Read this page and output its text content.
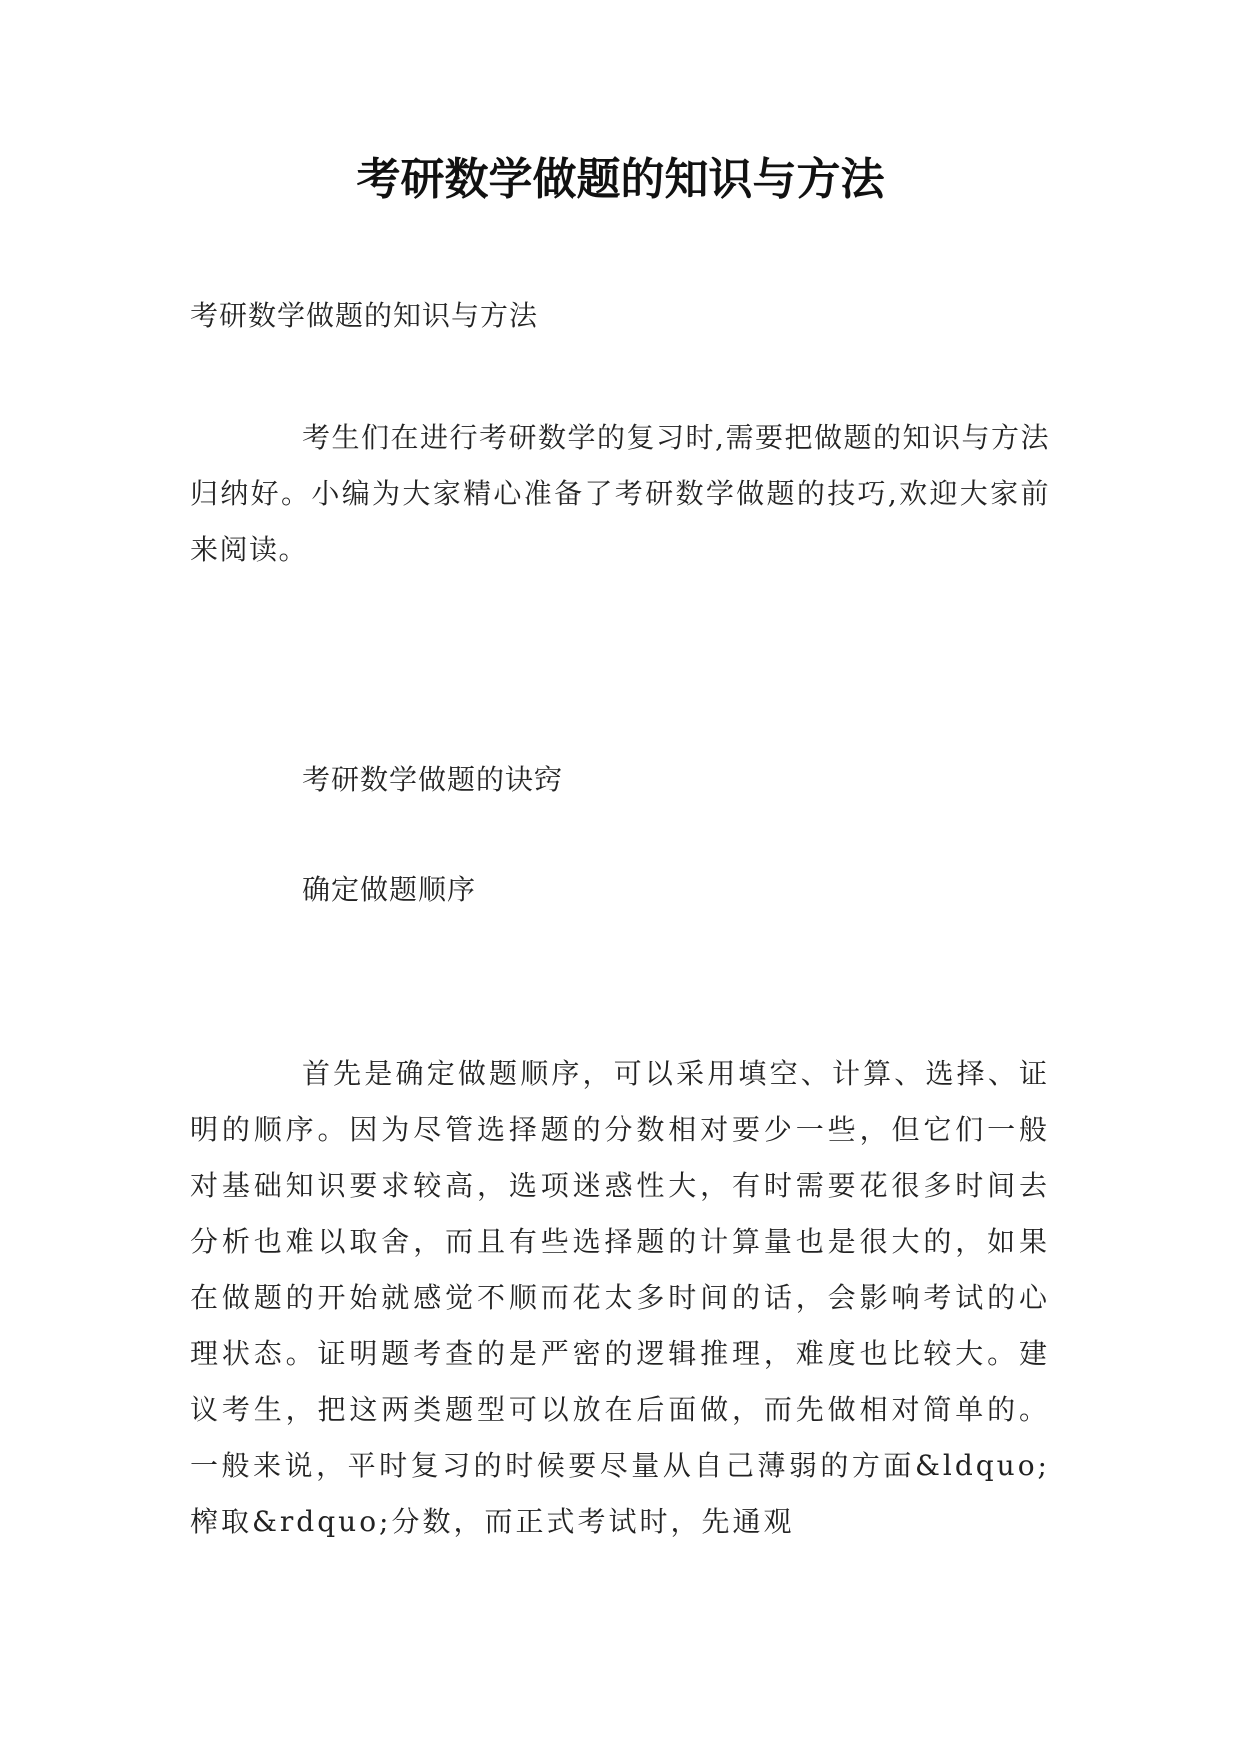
考研数学做题的知识与方法

考研数学做题的知识与方法

考生们在进行考研数学的复习时,需要把做题的知识与方法归纳好。小编为大家精心准备了考研数学做题的技巧,欢迎大家前来阅读。

考研数学做题的诀窍

确定做题顺序

首先是确定做题顺序，可以采用填空、计算、选择、证明的顺序。因为尽管选择题的分数相对要少一些，但它们一般对基础知识要求较高，选项迷惑性大，有时需要花很多时间去分析也难以取舍，而且有些选择题的计算量也是很大的，如果在做题的开始就感觉不顺而花太多时间的话，会影响考试的心理状态。证明题考查的是严密的逻辑推理，难度也比较大。建议考生，把这两类题型可以放在后面做，而先做相对简单的。一般来说，平时复习的时候要尽量从自己薄弱的方面&ldquo;榨取&rdquo;分数，而正式考试时，先通观
